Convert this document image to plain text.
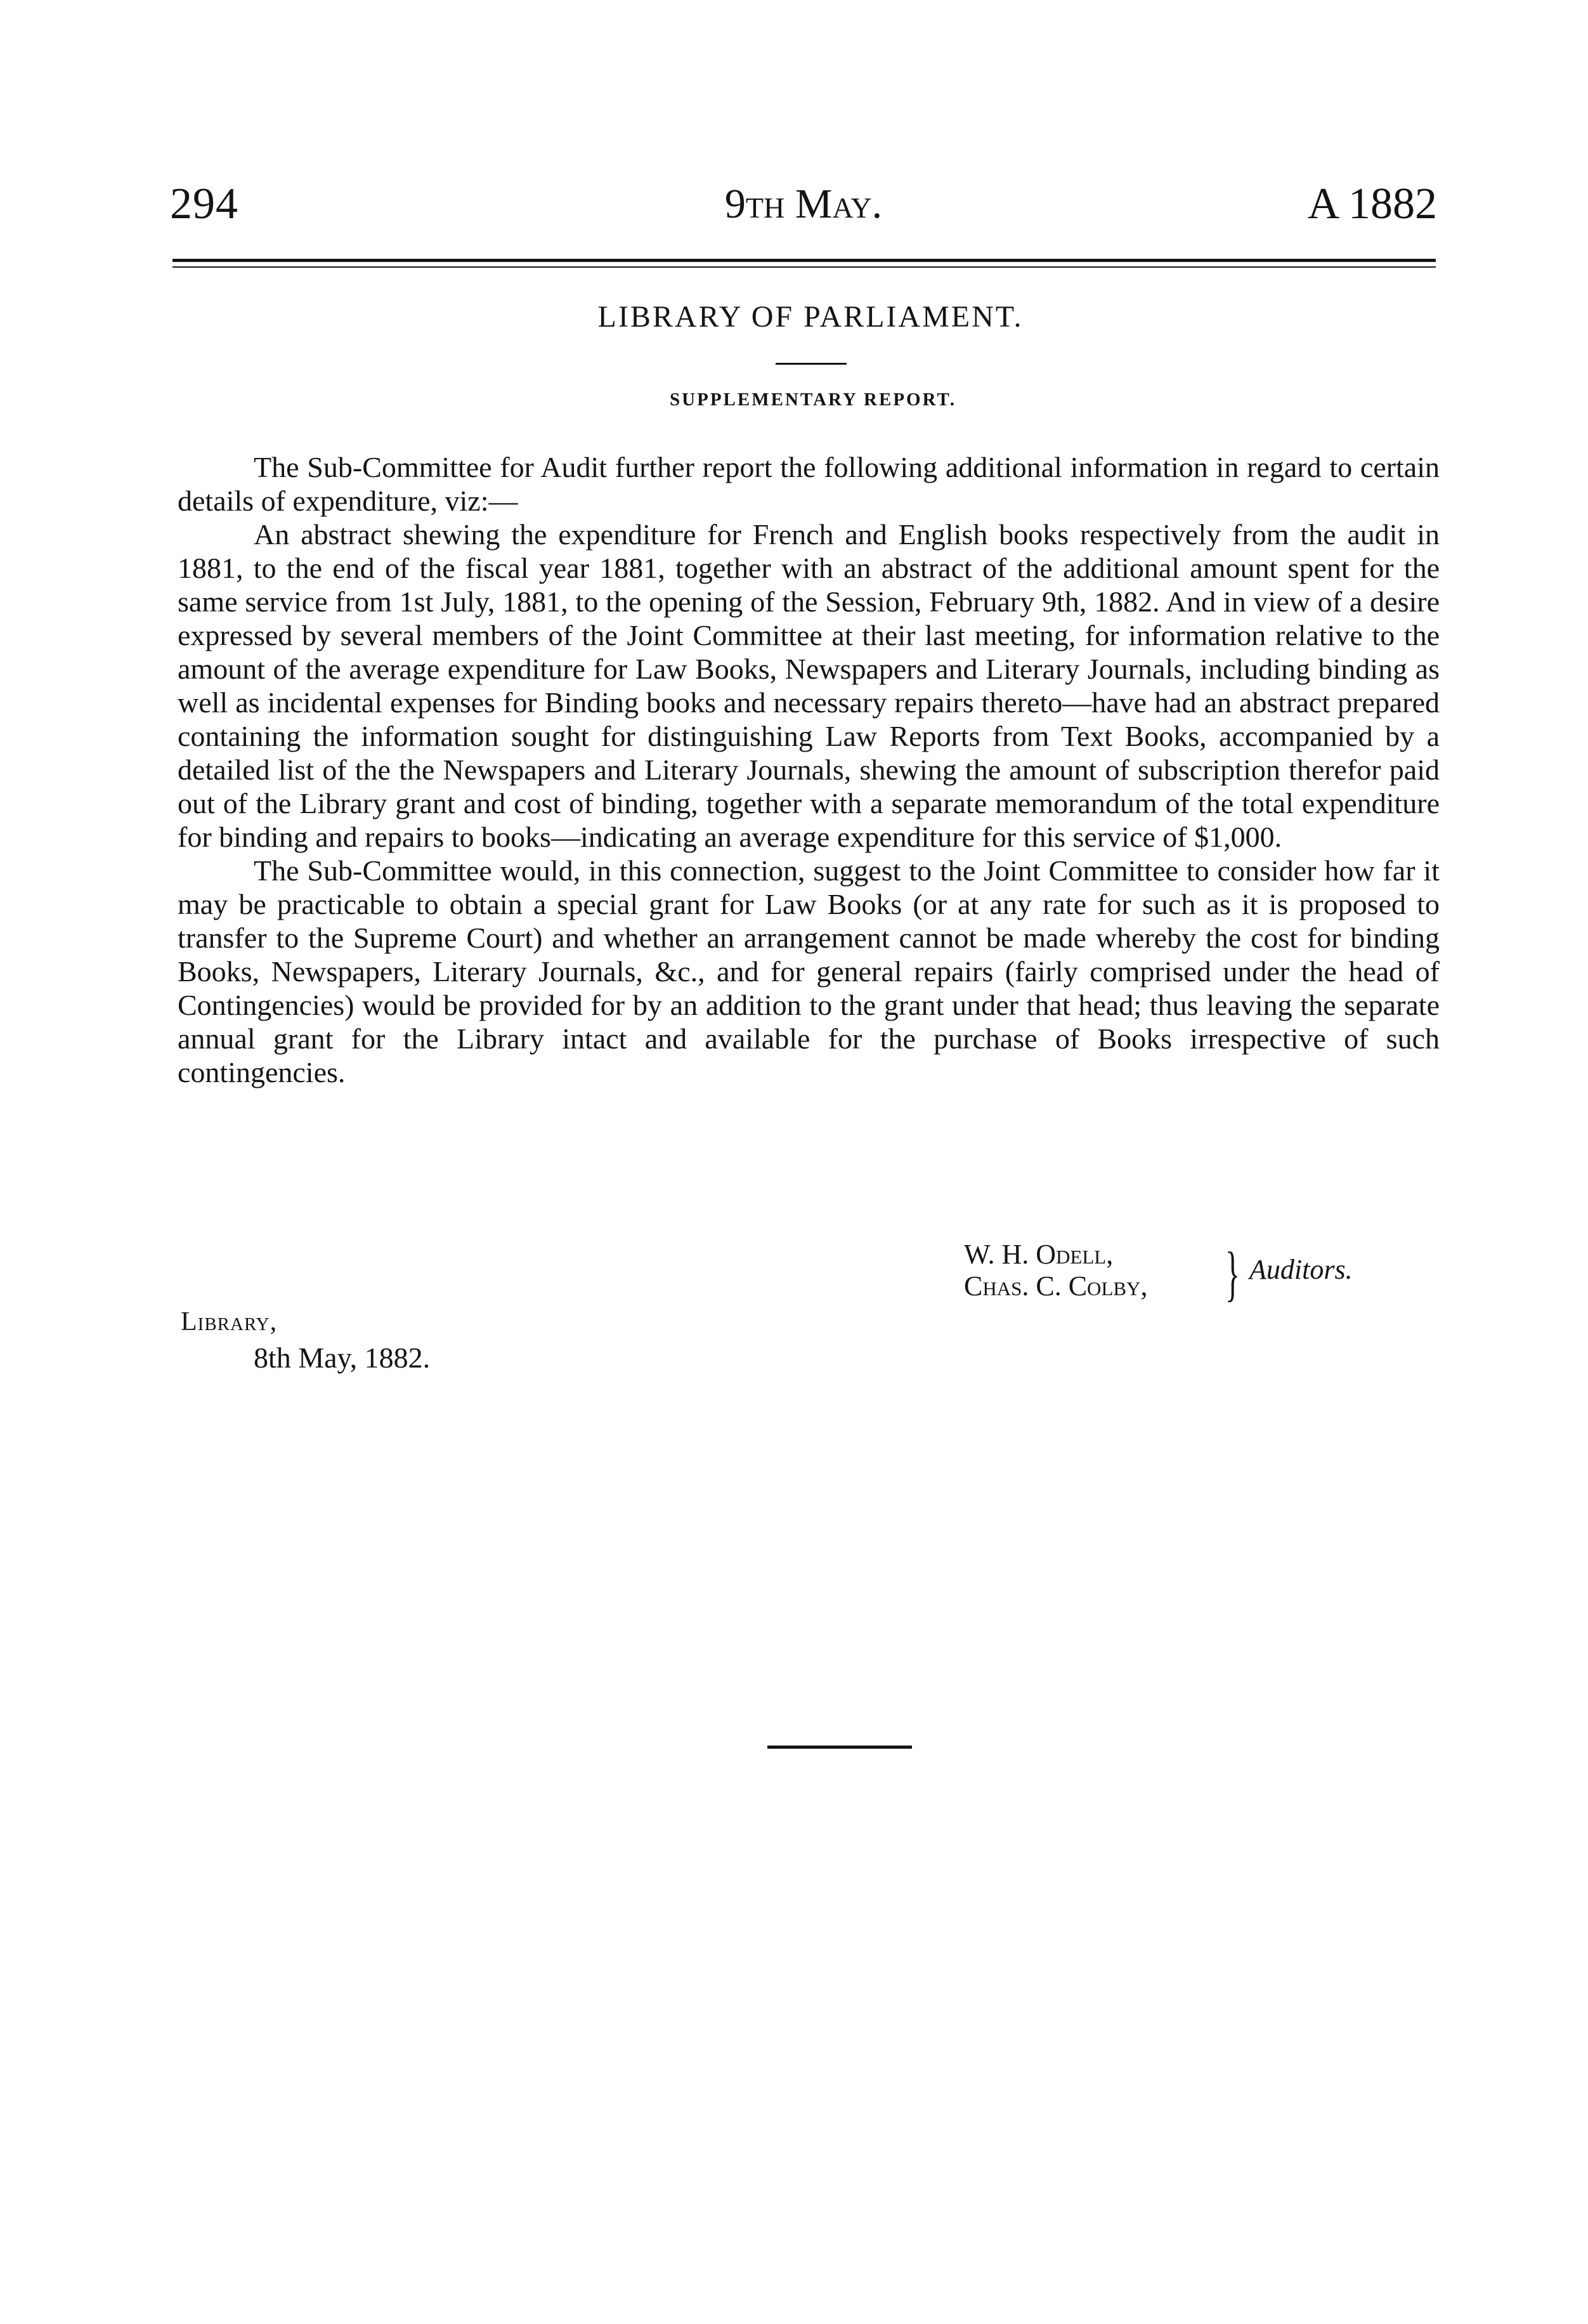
294	9th May.	A 1882
LIBRARY OF PARLIAMENT.
SUPPLEMENTARY REPORT.

The Sub-Committee for Audit further report the following additional information in regard to certain details of expenditure, viz:—

An abstract shewing the expenditure for French and English books respectively from the audit in 1881, to the end of the fiscal year 1881, together with an abstract of the additional amount spent for the same service from 1st July, 1881, to the opening of the Session, February 9th, 1882. And in view of a desire expressed by several members of the Joint Committee at their last meeting, for information relative to the amount of the average expenditure for Law Books, Newspapers and Literary Journals, including binding as well as incidental expenses for Binding books and necessary repairs thereto—have had an abstract prepared containing the information sought for distinguishing Law Reports from Text Books, accompanied by a detailed list of the the Newspapers and Literary Journals, shewing the amount of subscription therefor paid out of the Library grant and cost of binding, together with a separate memorandum of the total expenditure for binding and repairs to books—indicating an average expenditure for this service of $1,000.

The Sub-Committee would, in this connection, suggest to the Joint Committee to consider how far it may be practicable to obtain a special grant for Law Books (or at any rate for such as it is proposed to transfer to the Supreme Court) and whether an arrangement cannot be made whereby the cost for binding Books, Newspapers, Literary Journals, &c., and for general repairs (fairly comprised under the head of Contingencies) would be provided for by an addition to the grant under that head; thus leaving the separate annual grant for the Library intact and available for the purchase of Books irrespective of such contingencies.

W. H. Odell,
Chas. C. Colby, } Auditors.
Library,
8th May, 1882.
